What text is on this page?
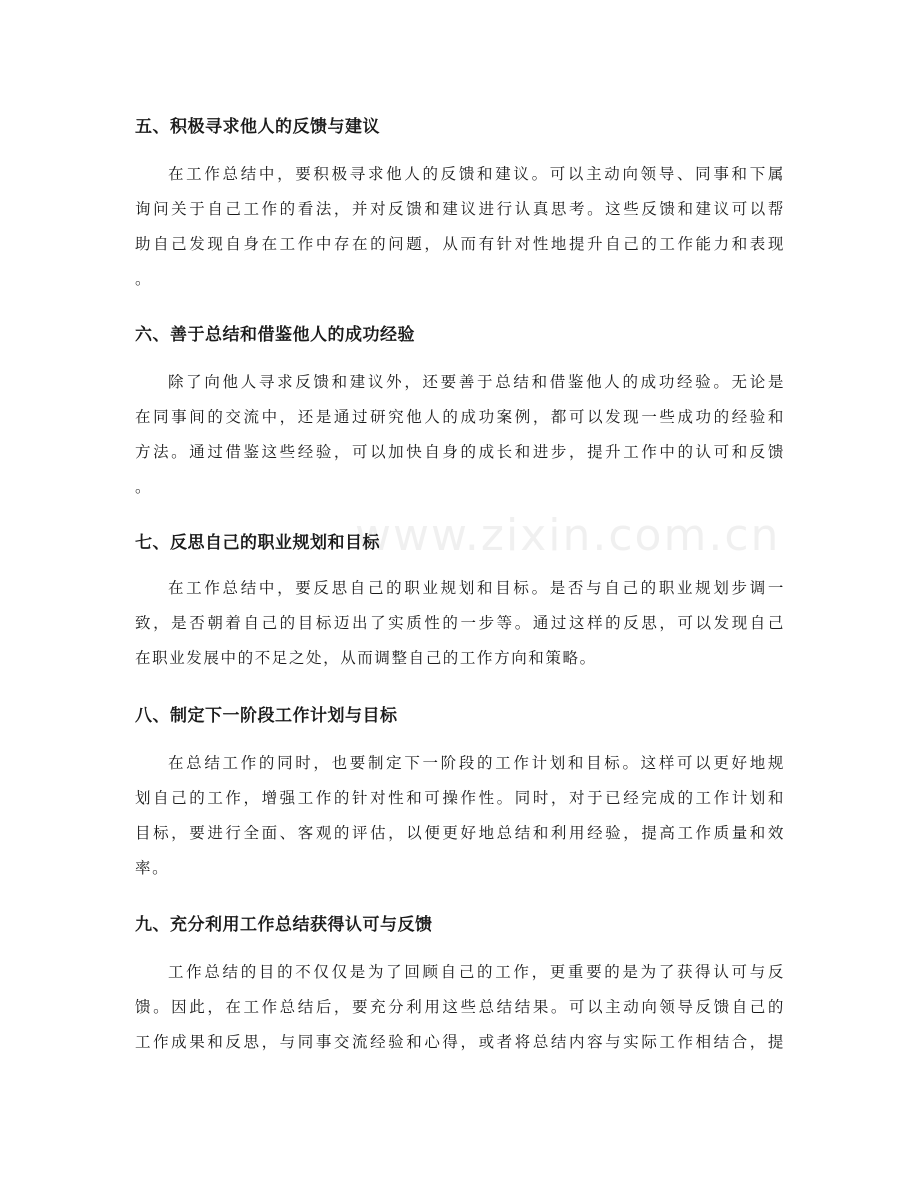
www.zixin.com.cn
五、积极寻求他人的反馈与建议

在工作总结中，要积极寻求他人的反馈和建议。可以主动向领导、同事和下属

询问关于自己工作的看法，并对反馈和建议进行认真思考。这些反馈和建议可以帮

助自己发现自身在工作中存在的问题，从而有针对性地提升自己的工作能力和表现

。

六、善于总结和借鉴他人的成功经验

除了向他人寻求反馈和建议外，还要善于总结和借鉴他人的成功经验。无论是

在同事间的交流中，还是通过研究他人的成功案例，都可以发现一些成功的经验和

方法。通过借鉴这些经验，可以加快自身的成长和进步，提升工作中的认可和反馈

。

七、反思自己的职业规划和目标

在工作总结中，要反思自己的职业规划和目标。是否与自己的职业规划步调一

致，是否朝着自己的目标迈出了实质性的一步等。通过这样的反思，可以发现自己

在职业发展中的不足之处，从而调整自己的工作方向和策略。

八、制定下一阶段工作计划与目标

在总结工作的同时，也要制定下一阶段的工作计划和目标。这样可以更好地规

划自己的工作，增强工作的针对性和可操作性。同时，对于已经完成的工作计划和

目标，要进行全面、客观的评估，以便更好地总结和利用经验，提高工作质量和效

率。

九、充分利用工作总结获得认可与反馈

工作总结的目的不仅仅是为了回顾自己的工作，更重要的是为了获得认可与反

馈。因此，在工作总结后，要充分利用这些总结结果。可以主动向领导反馈自己的

工作成果和反思，与同事交流经验和心得，或者将总结内容与实际工作相结合，提
